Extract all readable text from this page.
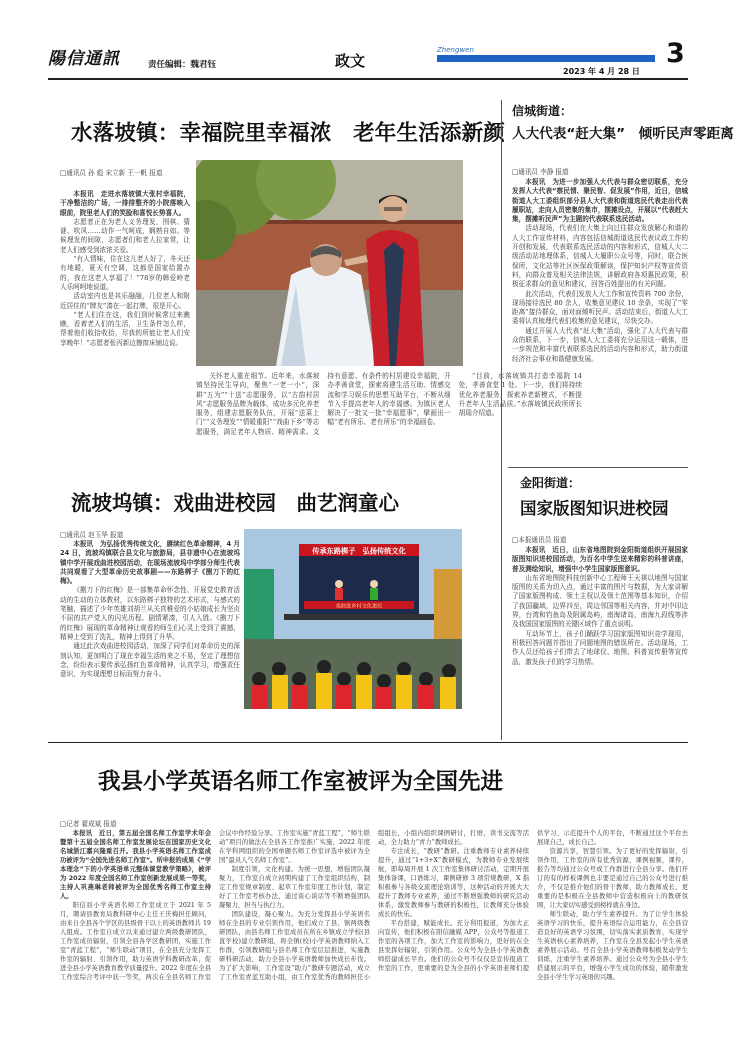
陽信通訊	责任编辑：魏君钰	政文
Zhengwen
2023 年 4 月 28 日
3
水落坡镇：幸福院里幸福浓　老年生活添新颜
□通讯员 孙 彪 宋立新 王一帆 报道

本报讯　走进水落坡镇大张村幸福院，干净整洁的广场，一排排整齐的小院落映入眼前，院里老人们的笑脸和喜悦长势喜人。

志愿者正在为老人义务理发，围棋、猜谜、吹风……动作一气呵成，娴熟自如。等候理发的间隙，志愿者们和老人拉家常，让老人们感受到浓浓关爱。

“有人情味，住在这儿老人好了，冬天还有地暖，夏天有空调，这都是国家给置办的，我在这老人享福了！”78岁的韩爱岭老人乐呵呵地说道。

活动室内也是其乐融融，几位老人和附近居住的“牌友”凑在一起打牌，很是开心。

“老人们住在这，我们到时候常过来瞧瞧，看着老人们的生活，卫生条件怎么样，帮着他们收拾收拾，尽我的所能让老人们安享晚年！”志愿者张丙新边擦窗床铺边说。

关怀老人重在细节。近年来，水落坡镇坚持民生导向，聚焦“一老一小”，深耕“五为”“十送”志愿服务，以“古韵村居风”志愿服务品牌为载体，成功多元化养老服务，组建志愿服务队伍，开展“送菜上门”“义务理发”“情暖重阳”“戏曲下乡”等志愿服务，满足老年人物质、精神需求。支持有意愿、有条件的村居建设幸福院，开办孝善食堂，探索将建生活互助、情感交流和学习娱乐的思想互助平台，不断从细节入手提高老年人的幸福感。为镇区老人解决了一批又一批“幸福愿事”，擘画出一幅“老有所乐、老有所乐”的幸福画卷。

“目前，水落坡镇共打造幸福院 14 处，孝善食堂 1 处。下一步，我们将持续优化养老服务，探索养老新模式，不断提升老年人生活品质。”水落坡镇民政所所长胡瑞介绍道。

流坡坞镇：戏曲进校园　曲艺润童心
□通讯员 赵玉华 报道

本报讯　为弘扬优秀传统文化，赓续红色革命精神，4 月 24 日，流坡坞镇联合县文化与旅游局，县非遗中心在流坡坞镇中学开展戏曲进校园活动，在现场流坡坞中学部分师生代表共同观看了大型革命历史故事剧——东路梆子《捌刀下的红梅》。

《捌刀下的红梅》是一部集革命怀念性、开展党史教育活动的生动的立体教材，以东路梆子独特的艺术形式，与感式的笔触，描述了少年英雄刘胡兰从关真稚爱的小姑娘成长为坚贞不屈的共产党人的闪光历程。剧情紧凑，引人入胜。《捌刀下的红梅》展现的革命精神让观看的师生们心灵上受到了震撼，精神上受到了洗礼，精神上得到了升华。

通过此次戏曲进校园活动，加深了同学们对革命历史的深刻认知，更加明白了现在幸福生活的来之不易，坚定了理想信念，纷纷表示要传承弘扬红色革命精神，认真学习，增强责任意识，为实现理想目标而努力奋斗。

传承东路梆子　弘扬传统文化
戏曲进乡村文化惠民
信城街道：
人大代表“赶大集”　倾听民声零距离
□通讯员 李静 报道

本报讯　为进一步加强人大代表与群众密切联系，充分发挥人大代表“察民情、聚民智、促发展”作用，近日，信城街道人大工委组织部分县人大代表和街道选民代表走出代表履职站，走向人员密集的集市，摆摊设点，开展以“代表赶大集，摆摊听民声”为主题的代表联系选民活动。

活动现场，代表们在大集上向过往群众发放解心和谐的人大工作宣传材料，内容包括信城街道选民代表议政工作的开创和发展，代表联系选民活动的内容和形式，信城人大二级活动站地理体系，信城人大履职公众号等，同时，联合医保所，文化站等社区医保政策解读，保护知识产权等宣传资料，向群众普及相关法律法规，讲解政府各项惠民政策，积极征求群众的意见和建议，回答百姓提出的有关问题。

此次活动，代表们发放人大工作和宣传资料 700 余份，现场接待选民 80 余人，收集意见建议 10 余条，实现了“零距离”接待群众，面对面倾听民声。活动结束后，街道人大工委将认真梳理代表们收集的意见建议，尽快交办。

通过开展人大代表“赶大集”活动，强化了人大代表与群众的联系，下一步，信城人大工委将充分运用这一载体，进一步规范和丰富代表联系选民的活动内容和形式，助力街道经济社会事业和谐健康发展。

金阳街道：
国家版图知识进校园
□本报通讯员 报道

本报讯　近日，山东省地图院到金阳街道组织开展国家版图知识进校园活动，为百名中学生送来精彩的科普讲座，普及测绘知识，增强中小学生国家版图意识。

山东省地图院科技创新中心工程师王天祺以地图与国家版图的关系为切入点，通过丰富的图片与数据，为大家讲解了国家版图构成、领土主权以及领土范围等基本知识，介绍了我国疆域，边界四至，周边邻国等相关内容，并对中印边界，台湾和钓鱼岛及附属岛屿，南海诸岛，南海九段线等涉及我国国家版图的关键区域作了重点说明。

互动环节上，孩子们踊跃学习国家版图知识竞学现用，积极回答问题并指出了问题地图的错误所在。活动现场，工作人员还给孩子们带去了地球仪、地图、科普宣传册等宣传品，激发孩子们的学习热情。

我县小学英语名师工作室被评为全国先进
□记者 翟成斌 报道

本报讯　近日，第五届全国名师工作室学术年会暨第十五届全国名师工作室发展论坛在国家历史文化名城浙江嘉兴隆重召开。我县小学英语名师工作室成功被评为“全国先进名师工作室”。所申报的成果《“学本理念”下的小学英语单元整体课堂教学策略》，被评为 2022 年度全国名师工作室创新发展成果一等奖，主持人巩燕琳老师被评为全国优秀名师工作室主持人。

阳信县小学英语名师工作室成立于 2021 年 5 月，聘请县教育局教科研中心主任王庆梅担任顾问，由来自全县各个学区的县级骨干以上的英语教师共 19 人组成。工作室自成立以来通过建立两级教研团队，工作室成员辐射，引领全县各学区教研团，实施工作室“青蓝工程”，“师生联动”项目，在全县充分发挥工作室的辐射、引领作用，助力英语学科教研改革，促进全县小学英语教育教学质量提升。2022 年度在全县工作室综合考评中获一等奖，两次在全县名师工作室会议中作经验分享。工作室实施“青蓝工程”，“师生联动”项目的做法在全县各工作室推广实施，2022 年度在学科网组织的全国单题名师工作室评选中被评为全国“最具人气名师工作室”。

制度引领，文化构建。为统一思想，增强团队凝聚力，工作室自成立初期构建了工作室组织结构，制定工作室规章制度、起草工作室年度工作计划，制定好了工作室考核办法，通过谈心谈话等不断增强团队凝聚力，担当与执行力。

团队建设，凝心聚力。为充分发挥县小学英语名师在全县的专业引领作用，他们成立了县、镇两级教研团队，由县名师工作室成员在所在乡镇成立学校(县直学校)建立教研组，将全镇(校)小学英语教师纳入工作群，引领教研组与县名师工作室层层推进，实施教研科研活动，助力全县小学英语教师加快成长步伐。为了扩大影响，工作室设“助力”教研专题活动，成立了工作室青蓝互助小组，由工作室优秀的教师担任小组组长，小组内组织课例研讨，打磨，读书交流等活动，全力助力“青力”教师成长。

专注成长，“教研”教研。注重教师专业素养持续提升，通过“1+3+X”教研模式，为教师专业发展续航，即每周开展 1 次工作室集体研讨活动，定期开展集体备课，口语练习，课例研修 3 项常规教研，X 指积极参与各级交流理论培训等，这种活动的开展大大提升了教师专业素养，通过不断增强教师的研究活动体系，激发教师参与教研的积极性，让教师充分体验成长的快乐。

平台搭建，赋能成长。充分利用报道，为加大正向宣传，他们积极在阳信融媒 APP，公众号等报道工作室的各项工作，加大工作室的影响力，更好的在全县发挥好辐射，引领作用。公众号为全县小学英语教师搭建成长平台。他们的公众号不仅仅是宣传报道工作室的工作，更重要的是为全县的小学英语老师们提供学习、示范提升个人的平台，不断通过这个平台去展现自己，成长自己。

资源共享，智慧引领。为了更好的发挥辐射，引领作用，工作室的所有优秀资源，课例视频，课件，报告等均通过公众号或工作群进行全县分享。他们开订的有的样板课例也丰要是通过自己的公众号进行推介，不仅是推介他们的骨干教师，助力教师成长，更重要的是积极在全县教师中营造积极向上的教研氛围，让大家切实感受到榜样就在身边。

师生联动，助力学生素养提升。为了让学生体验英语学习的快乐，提升英语综合运用能力，在全县营造良好的英语学习氛围，切实落实素质教育，实现学生英语核心素养培养，工作室在全县发起小学生英语素养展示活动。号召全县小学英语教师积极发动学生训练，注重学生素养培养。通过公众号为全县小学生搭建展示的平台，增强小学生成功的体验，随带激发全县小学生学习英语的兴趣。
